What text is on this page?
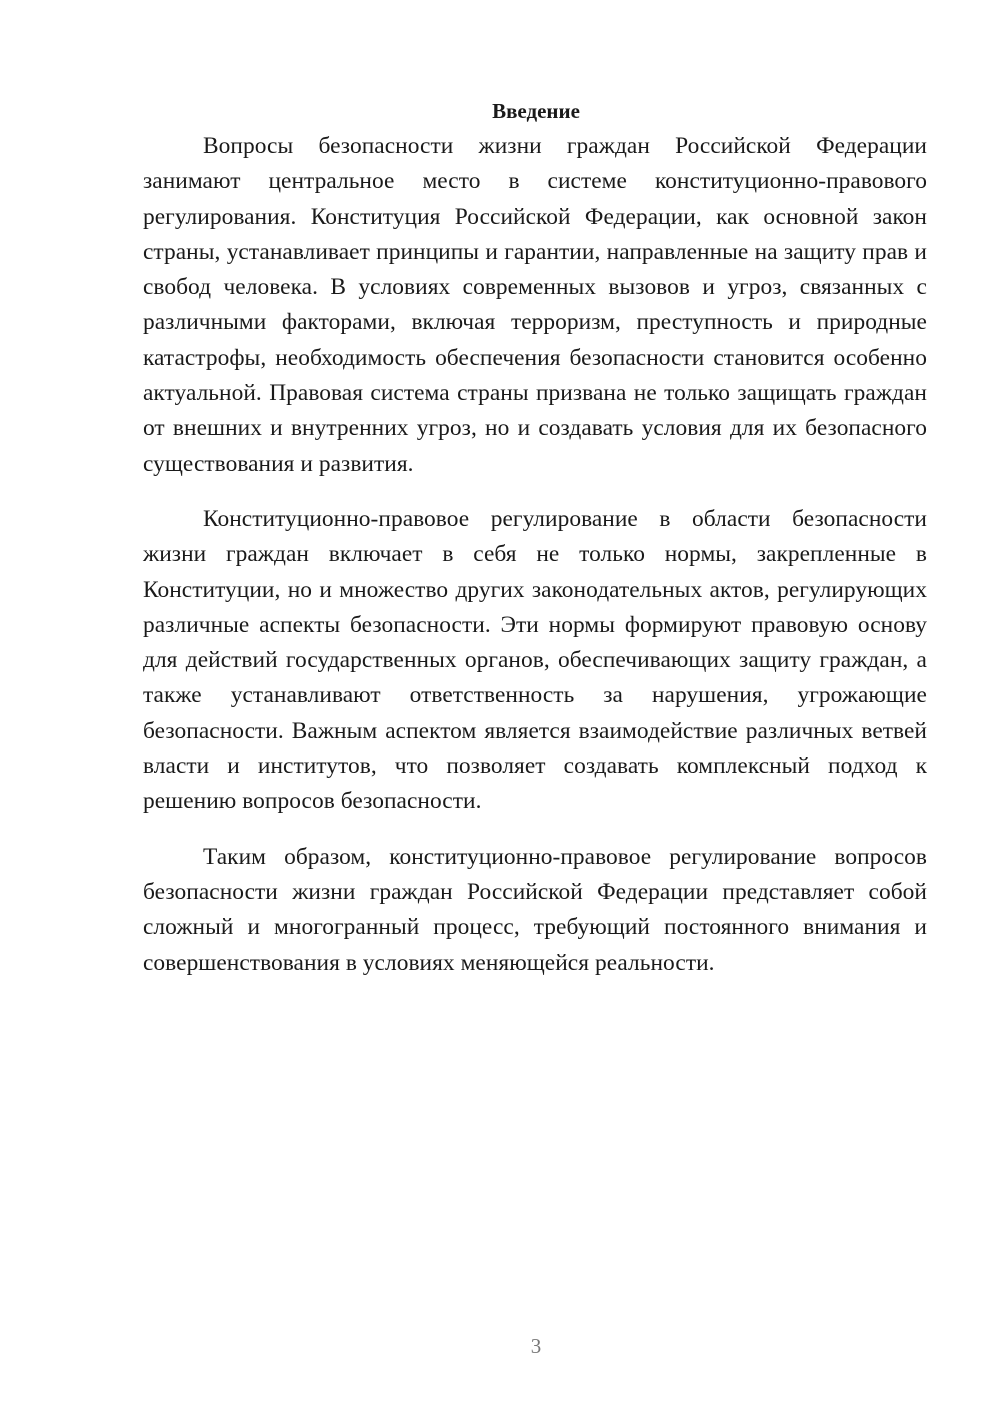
Введение

Вопросы безопасности жизни граждан Российской Федерации занимают центральное место в системе конституционно-правового регулирования. Конституция Российской Федерации, как основной закон страны, устанавливает принципы и гарантии, направленные на защиту прав и свобод человека. В условиях современных вызовов и угроз, связанных с различными факторами, включая терроризм, преступность и природные катастрофы, необходимость обеспечения безопасности становится особенно актуальной. Правовая система страны призвана не только защищать граждан от внешних и внутренних угроз, но и создавать условия для их безопасного существования и развития.

Конституционно-правовое регулирование в области безопасности жизни граждан включает в себя не только нормы, закрепленные в Конституции, но и множество других законодательных актов, регулирующих различные аспекты безопасности. Эти нормы формируют правовую основу для действий государственных органов, обеспечивающих защиту граждан, а также устанавливают ответственность за нарушения, угрожающие безопасности. Важным аспектом является взаимодействие различных ветвей власти и институтов, что позволяет создавать комплексный подход к решению вопросов безопасности.

Таким образом, конституционно-правовое регулирование вопросов безопасности жизни граждан Российской Федерации представляет собой сложный и многогранный процесс, требующий постоянного внимания и совершенствования в условиях меняющейся реальности.

3
